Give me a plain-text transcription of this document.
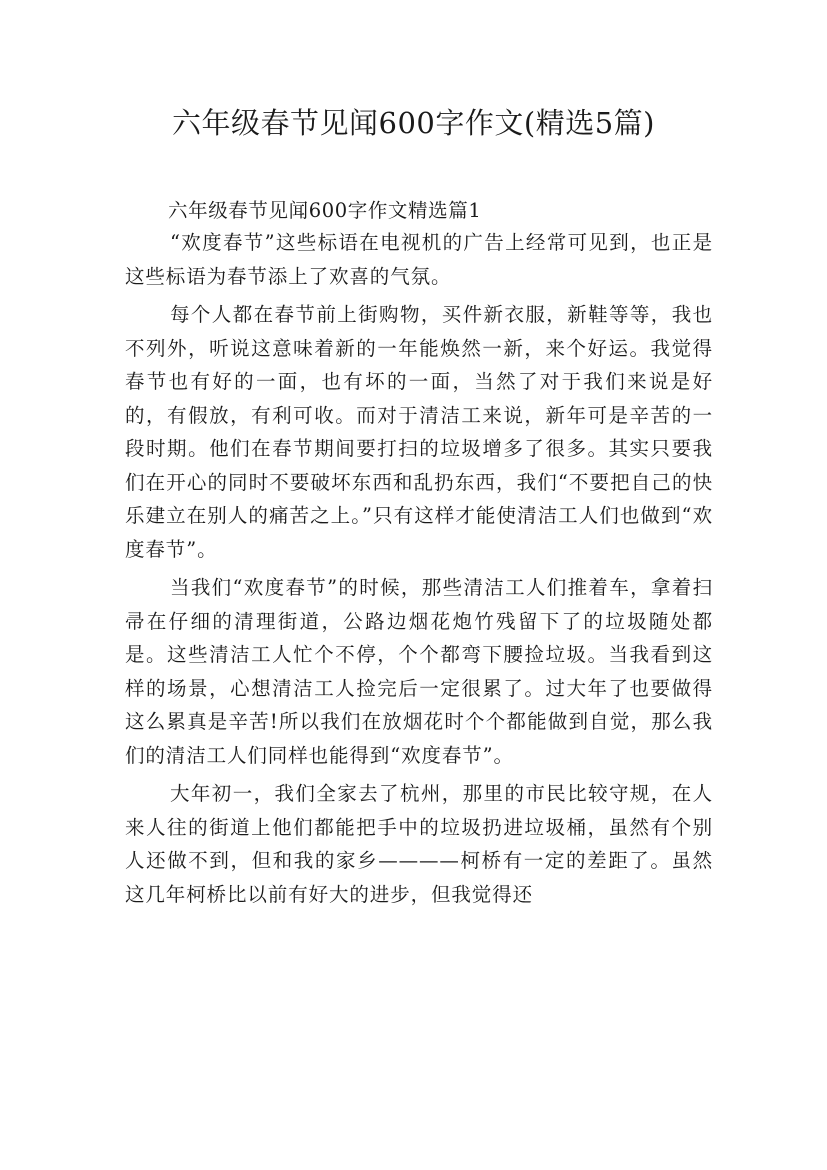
六年级春节见闻600字作文(精选5篇)

六年级春节见闻600字作文精选篇1

“欢度春节”这些标语在电视机的广告上经常可见到，也正是这些标语为春节添上了欢喜的气氛。

每个人都在春节前上街购物，买件新衣服，新鞋等等，我也不列外，听说这意味着新的一年能焕然一新，来个好运。我觉得春节也有好的一面，也有坏的一面，当然了对于我们来说是好的，有假放，有利可收。而对于清洁工来说，新年可是辛苦的一段时期。他们在春节期间要打扫的垃圾增多了很多。其实只要我们在开心的同时不要破坏东西和乱扔东西，我们“不要把自己的快乐建立在别人的痛苦之上。”只有这样才能使清洁工人们也做到“欢度春节”。

当我们“欢度春节”的时候，那些清洁工人们推着车，拿着扫帚在仔细的清理街道，公路边烟花炮竹残留下了的垃圾随处都是。这些清洁工人忙个不停，个个都弯下腰捡垃圾。当我看到这样的场景，心想清洁工人捡完后一定很累了。过大年了也要做得这么累真是辛苦!所以我们在放烟花时个个都能做到自觉，那么我们的清洁工人们同样也能得到“欢度春节”。

大年初一，我们全家去了杭州，那里的市民比较守规，在人来人往的街道上他们都能把手中的垃圾扔进垃圾桶，虽然有个别人还做不到，但和我的家乡————柯桥有一定的差距了。虽然这几年柯桥比以前有好大的进步，但我觉得还
